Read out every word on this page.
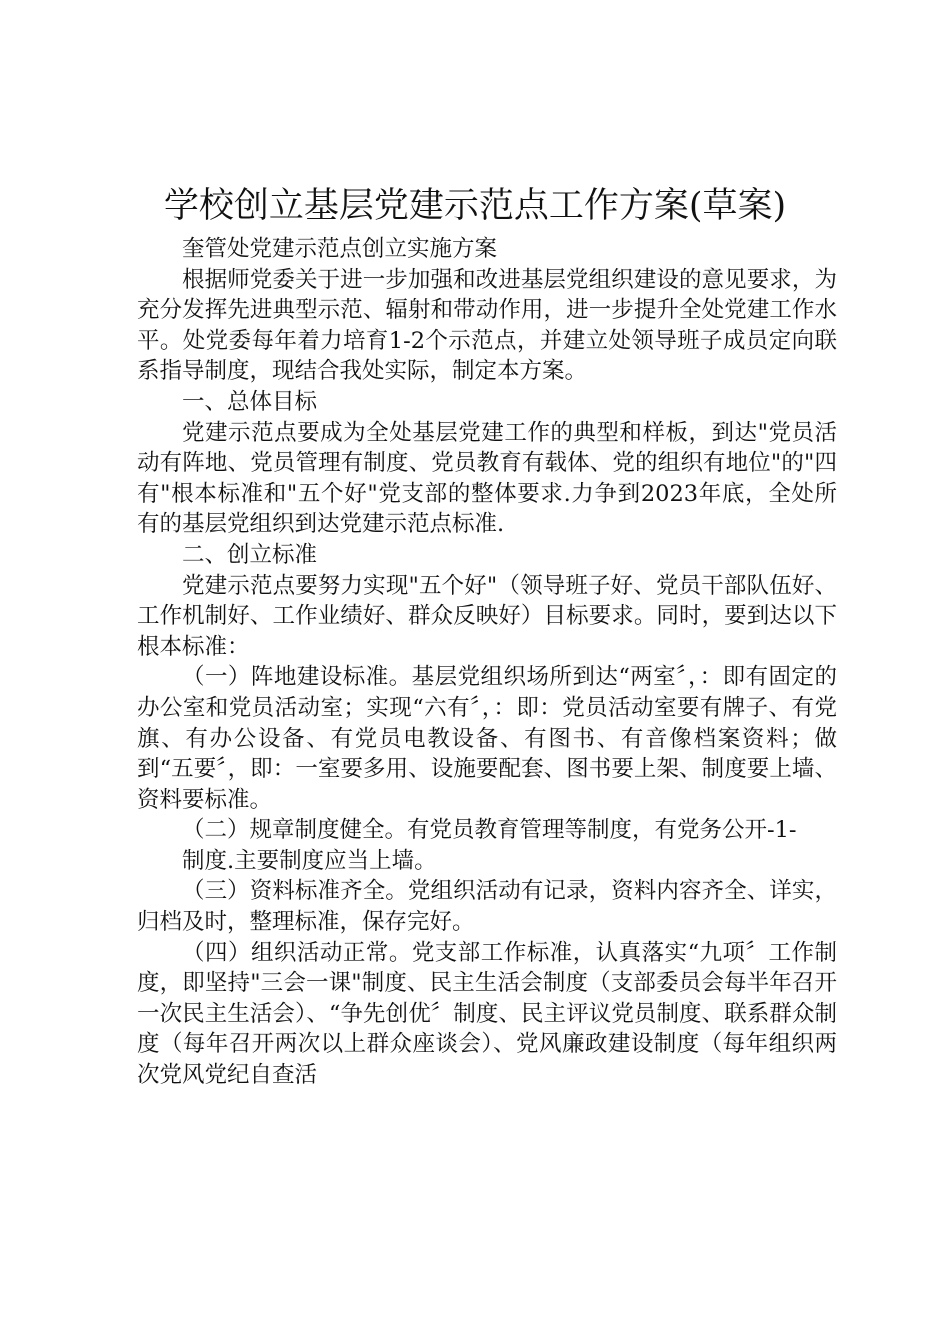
学校创立基层党建示范点工作方案(草案)

奎管处党建示范点创立实施方案

根据师党委关于进一步加强和改进基层党组织建设的意见要求，为充分发挥先进典型示范、辐射和带动作用，进一步提升全处党建工作水平。处党委每年着力培育1-2个示范点，并建立处领导班子成员定向联系指导制度，现结合我处实际，制定本方案。

一、总体目标

党建示范点要成为全处基层党建工作的典型和样板，到达"党员活动有阵地、党员管理有制度、党员教育有载体、党的组织有地位"的"四有"根本标准和"五个好"党支部的整体要求.力争到2023年底，全处所有的基层党组织到达党建示范点标准.

二、创立标准

党建示范点要努力实现"五个好"（领导班子好、党员干部队伍好、工作机制好、工作业绩好、群众反映好）目标要求。同时，要到达以下根本标准：

（一）阵地建设标准。基层党组织场所到达“两室〞，：即有固定的办公室和党员活动室；实现“六有〞，：即：党员活动室要有牌子、有党旗、有办公设备、有党员电教设备、有图书、有音像档案资料；做到“五要〞，即：一室要多用、设施要配套、图书要上架、制度要上墙、资料要标准。

（二）规章制度健全。有党员教育管理等制度，有党务公开-1-

制度.主要制度应当上墙。

（三）资料标准齐全。党组织活动有记录，资料内容齐全、详实，归档及时，整理标准，保存完好。

（四）组织活动正常。党支部工作标准，认真落实“九项〞工作制度，即坚持"三会一课"制度、民主生活会制度（支部委员会每半年召开一次民主生活会）、“争先创优〞制度、民主评议党员制度、联系群众制度（每年召开两次以上群众座谈会）、党风廉政建设制度（每年组织两次党风党纪自查活
